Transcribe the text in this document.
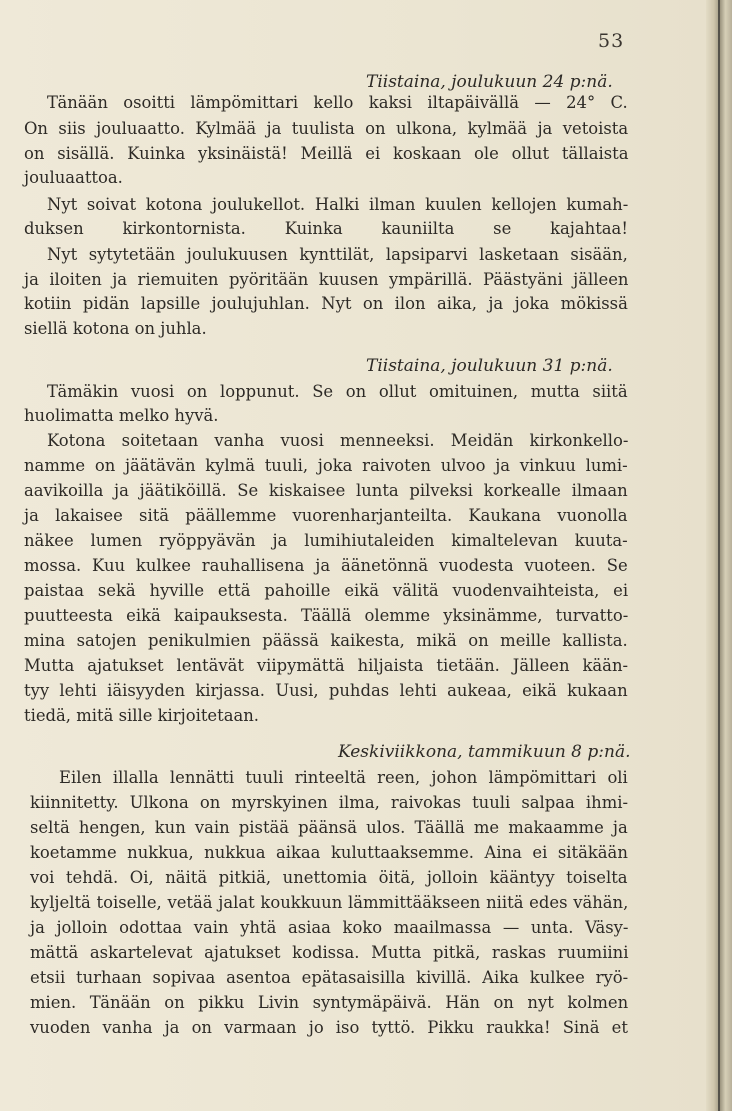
53
Tiistaina, joulukuun 24 p:nä.
Tänään osoitti lämpömittari kello kaksi iltapäivällä — 24° C.
On siis jouluaatto. Kylmää ja tuulista on ulkona, kylmää ja vetoista
on sisällä. Kuinka yksinäistä! Meillä ei koskaan ole ollut tällaista
jouluaattoa.
Nyt soivat kotona joulukellot. Halki ilman kuulen kellojen kumah-
duksen kirkontornista. Kuinka kauniilta se kajahtaa!
Nyt sytytetään joulukuusen kynttilät, lapsiparvi lasketaan sisään,
ja iloiten ja riemuiten pyöritään kuusen ympärillä. Päästyäni jälleen
kotiin pidän lapsille joulujuhlan. Nyt on ilon aika, ja joka mökissä
siellä kotona on juhla.
Tiistaina, joulukuun 31 p:nä.
Tämäkin vuosi on loppunut. Se on ollut omituinen, mutta siitä
huolimatta melko hyvä.
Kotona soitetaan vanha vuosi menneeksi. Meidän kirkonkello-
namme on jäätävän kylmä tuuli, joka raivoten ulvoo ja vinkuu lumi-
aavikoilla ja jäätiköillä. Se kiskaisee lunta pilveksi korkealle ilmaan
ja lakaisee sitä päällemme vuorenharjanteilta. Kaukana vuonolla
näkee lumen ryöppyävän ja lumihiutaleiden kimaltelevan kuuta-
mossa. Kuu kulkee rauhallisena ja äänetönnä vuodesta vuoteen. Se
paistaa sekä hyville että pahoille eikä välitä vuodenvaihteista, ei
puutteesta eikä kaipauksesta. Täällä olemme yksinämme, turvatto-
mina satojen penikulmien päässä kaikesta, mikä on meille kallista.
Mutta ajatukset lentävät viipymättä hiljaista tietään. Jälleen kään-
tyy lehti iäisyyden kirjassa. Uusi, puhdas lehti aukeaa, eikä kukaan
tiedä, mitä sille kirjoitetaan.
Keskiviikkona, tammikuun 8 p:nä.
Eilen illalla lennätti tuuli rinteeltä reen, johon lämpömittari oli
kiinnitetty. Ulkona on myrskyinen ilma, raivokas tuuli salpaa ihmi-
seltä hengen, kun vain pistää päänsä ulos. Täällä me makaamme ja
koetamme nukkua, nukkua aikaa kuluttaaksemme. Aina ei sitäkään
voi tehdä. Oi, näitä pitkiä, unettomia öitä, jolloin kääntyy toiselta
kyljeltä toiselle, vetää jalat koukkuun lämmittääkseen niitä edes vähän,
ja jolloin odottaa vain yhtä asiaa koko maailmassa — unta. Väsy-
mättä askartelevat ajatukset kodissa. Mutta pitkä, raskas ruumiini
etsii turhaan sopivaa asentoa epätasaisilla kivillä. Aika kulkee ryö-
mien. Tänään on pikku Livin syntymäpäivä. Hän on nyt kolmen
vuoden vanha ja on varmaan jo iso tyttö. Pikku raukka! Sinä et
